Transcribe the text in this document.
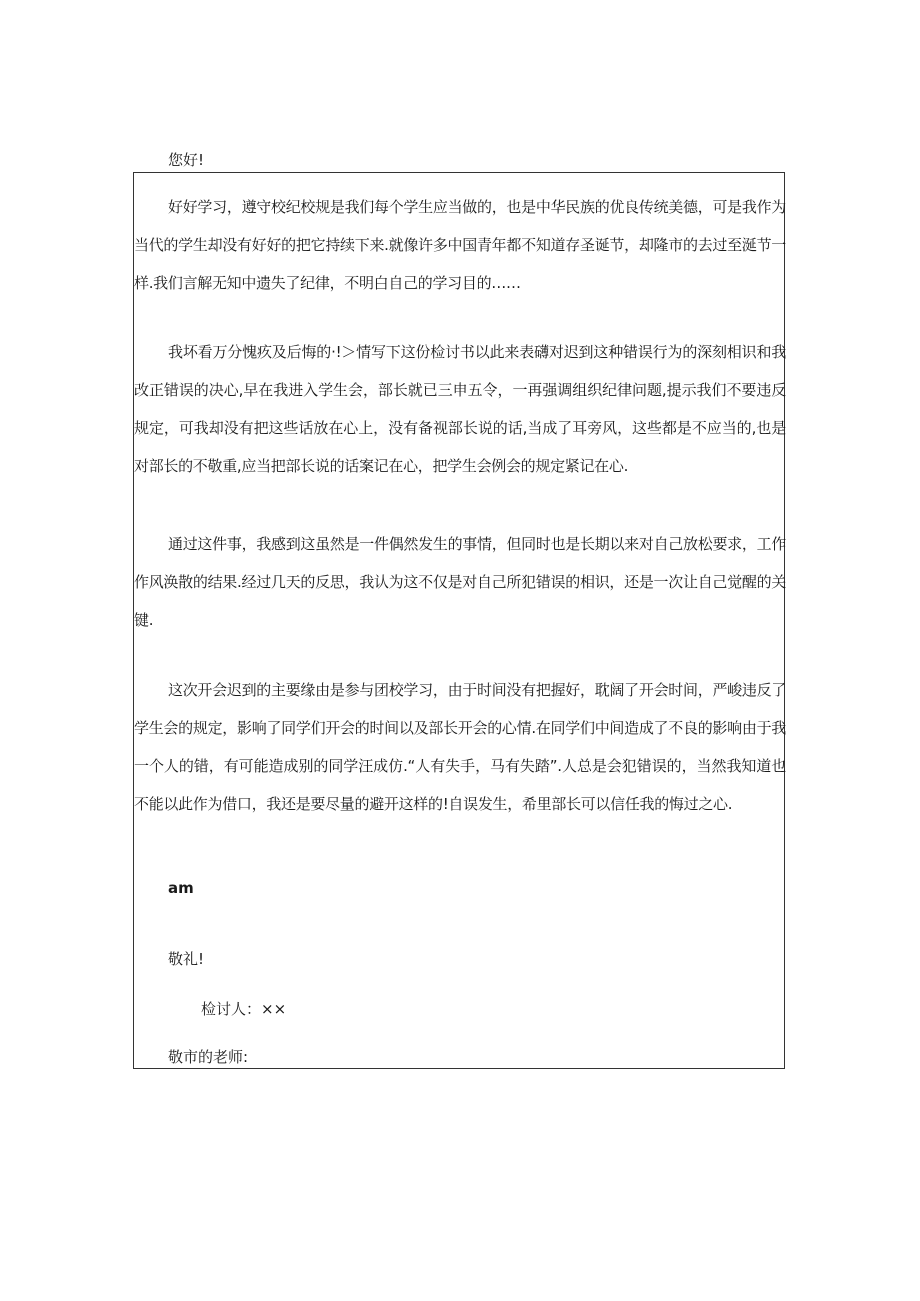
您好!

好好学习，遵守校纪校规是我们每个学生应当做的，也是中华民族的优良传统美德，可是我作为当代的学生却没有好好的把它持续下来.就像许多中国青年都不知道存圣诞节，却隆市的去过至涎节一样.我们言解无知中遗失了纪律，不明白自己的学习目的……

我坏看万分愧疚及后悔的·!＞情写下这份检讨书以此来表礴对迟到这种错误行为的深刻相识和我改正错误的决心,早在我进入学生会，部长就已三申五令，一再强调组织纪律问题,提示我们不要违反规定，可我却没有把这些话放在心上，没有备视部长说的话,当成了耳旁风，这些都是不应当的,也是对部长的不敬重,应当把部长说的话案记在心，把学生会例会的规定紧记在心.

通过这件事，我感到这虽然是一件偶然发生的事情，但同时也是长期以来对自己放松要求，工作作风涣散的结果.经过几天的反思，我认为这不仅是对自己所犯错误的相识，还是一次让自己觉醒的关键.

这次开会迟到的主要缘由是参与团校学习，由于时间没有把握好，耽阔了开会时间，严峻违反了学生会的规定，影响了同学们开会的时间以及部长开会的心情.在同学们中间造成了不良的影响由于我一个人的错，有可能造成别的同学汪成仿.“人有失手，马有失踏”.人总是会犯错误的，当然我知道也不能以此作为借口，我还是要尽量的避开这样的!自误发生，希里部长可以信任我的悔过之心.

am

敬礼!

检讨人：××

敬市的老师:
